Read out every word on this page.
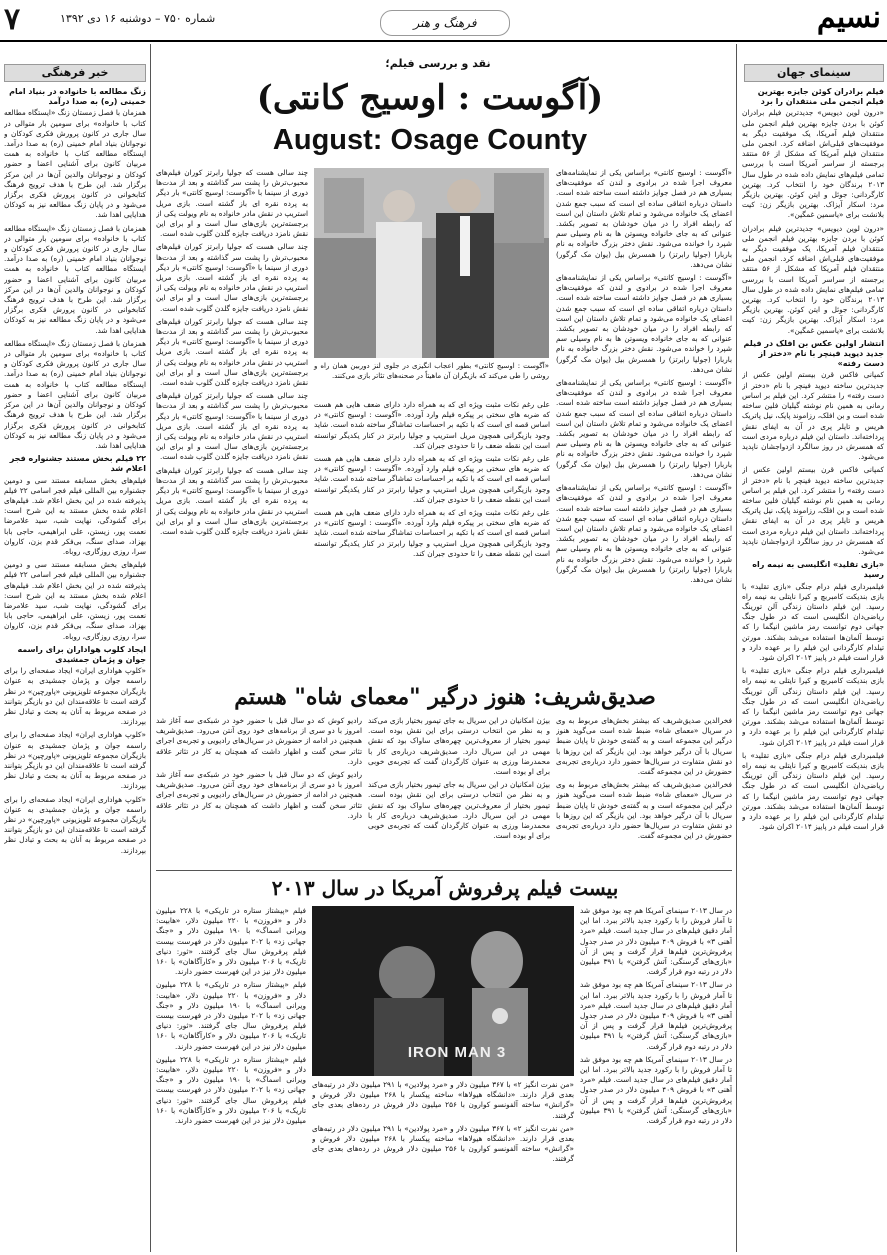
۷	شماره ۷۵۰ – دوشنبه ۱۶ دی ۱۳۹۲	فرهنگ و هنر	نسیم
خبر فرهنگی
زنگ مطالعه با خانواده در بنیاد امام خمینی (ره) به صدا درآمد

همزمان با فصل زمستان زنگ «ایستگاه مطالعه کتاب با خانواده» برای سومین بار متوالی در سال جاری در کانون پرورش فکری کودکان و نوجوانان بنیاد امام خمینی (ره) به صدا درآمد. ایستگاه مطالعه کتاب با خانواده به همت مربیان کانون برای آشنایی اعضا و حضور کودکان و نوجوانان والدین آن‌ها در این مرکز برگزار شد. این طرح با هدف ترویج فرهنگ کتابخوانی در کانون پرورش فکری برگزار می‌شود و در پایان زنگ مطالعه نیز به کودکان هدایایی اهدا شد.

همزمان با فصل زمستان زنگ «ایستگاه مطالعه کتاب با خانواده» برای سومین بار متوالی در سال جاری در کانون پرورش فکری کودکان و نوجوانان بنیاد امام خمینی (ره) به صدا درآمد. ایستگاه مطالعه کتاب با خانواده به همت مربیان کانون برای آشنایی اعضا و حضور کودکان و نوجوانان والدین آن‌ها در این مرکز برگزار شد. این طرح با هدف ترویج فرهنگ کتابخوانی در کانون پرورش فکری برگزار می‌شود و در پایان زنگ مطالعه نیز به کودکان هدایایی اهدا شد.

همزمان با فصل زمستان زنگ «ایستگاه مطالعه کتاب با خانواده» برای سومین بار متوالی در سال جاری در کانون پرورش فکری کودکان و نوجوانان بنیاد امام خمینی (ره) به صدا درآمد. ایستگاه مطالعه کتاب با خانواده به همت مربیان کانون برای آشنایی اعضا و حضور کودکان و نوجوانان والدین آن‌ها در این مرکز برگزار شد. این طرح با هدف ترویج فرهنگ کتابخوانی در کانون پرورش فکری برگزار می‌شود و در پایان زنگ مطالعه نیز به کودکان هدایایی اهدا شد.

۲۲ فیلم بخش مستند جشنواره فجر اعلام شد

فیلم‌های بخش مسابقه مستند سی و دومین جشنواره بین المللی فیلم فجر اسامی ۲۲ فیلم پذیرفته شده در این بخش اعلام شد. فیلم‌های اعلام شده بخش مستند به این شرح است: برای گشودگی، نهایت شب، سید علامرضا نعمت پور، زیستن، علی ابراهیمی، حاجی بابا بهزاد، صدای سنگ، بی‌فکر قدم بزن، کاروان سرا، روزی روزگاری، روباه.

فیلم‌های بخش مسابقه مستند سی و دومین جشنواره بین المللی فیلم فجر اسامی ۲۲ فیلم پذیرفته شده در این بخش اعلام شد. فیلم‌های اعلام شده بخش مستند به این شرح است: برای گشودگی، نهایت شب، سید علامرضا نعمت پور، زیستن، علی ابراهیمی، حاجی بابا بهزاد، صدای سنگ، بی‌فکر قدم بزن، کاروان سرا، روزی روزگاری، روباه.

ایجاد کلوب هواداران برای راسمه جوان و پژمان جمشیدی

«کلوپ هواداری ایران» ایجاد صفحه‌ای را برای راسمه جوان و پژمان جمشیدی به عنوان بازیگران مجموعه تلویزیونی «پاورچین» در نظر گرفته است تا علاقه‌مندان این دو بازیگر بتوانند در صفحه مربوط به آنان به بحث و تبادل نظر بپردازند.

«کلوپ هواداری ایران» ایجاد صفحه‌ای را برای راسمه جوان و پژمان جمشیدی به عنوان بازیگران مجموعه تلویزیونی «پاورچین» در نظر گرفته است تا علاقه‌مندان این دو بازیگر بتوانند در صفحه مربوط به آنان به بحث و تبادل نظر بپردازند.

«کلوپ هواداری ایران» ایجاد صفحه‌ای را برای راسمه جوان و پژمان جمشیدی به عنوان بازیگران مجموعه تلویزیونی «پاورچین» در نظر گرفته است تا علاقه‌مندان این دو بازیگر بتوانند در صفحه مربوط به آنان به بحث و تبادل نظر بپردازند.

سینمای جهان
فیلم برادران کوئن جایزه بهترین فیلم انجمن ملی منتقدان را برد

«درون لوین دیویس» جدیدترین فیلم برادران کوئن با بردن جایزه بهترین فیلم انجمن ملی منتقدان فیلم آمریکا، یک موفقیت دیگر به موفقیت‌های قبلی‌اش اضافه کرد. انجمن ملی منتقدان فیلم آمریکا که مشکل از ۵۶ منتقد برجسته از سراسر آمریکا است با بررسی تمامی فیلم‌های نمایش داده شده در طول سال ۲۰۱۳ برندگان خود را انتخاب کرد. بهترین کارگردانی: جوئل و ایتن کوئن. بهترین بازیگر مرد: اسکار آیزاک. بهترین بازیگر زن: کیت بلانشت برای «یاسمین غمگین».

«درون لوین دیویس» جدیدترین فیلم برادران کوئن با بردن جایزه بهترین فیلم انجمن ملی منتقدان فیلم آمریکا، یک موفقیت دیگر به موفقیت‌های قبلی‌اش اضافه کرد. انجمن ملی منتقدان فیلم آمریکا که مشکل از ۵۶ منتقد برجسته از سراسر آمریکا است با بررسی تمامی فیلم‌های نمایش داده شده در طول سال ۲۰۱۳ برندگان خود را انتخاب کرد. بهترین کارگردانی: جوئل و ایتن کوئن. بهترین بازیگر مرد: اسکار آیزاک. بهترین بازیگر زن: کیت بلانشت برای «یاسمین غمگین».

انتشار اولین عکس بن افلک در فیلم جدید دیوید فینچر با نام «دختر از دست رفته»

کمپانی فاکس قرن بیستم اولین عکس از جدیدترین ساخته دیوید فینچر با نام «دختر از دست رفته» را منتشر کرد. این فیلم بر اساس رمانی به همین نام نوشته گیلیان فلین ساخته شده است و بن افلک، رزاموند پایک، نیل پاتریک هریس و تایلر پری در آن به ایفای نقش پرداخته‌اند. داستان این فیلم درباره مردی است که همسرش در روز سالگرد ازدواجشان ناپدید می‌شود.

کمپانی فاکس قرن بیستم اولین عکس از جدیدترین ساخته دیوید فینچر با نام «دختر از دست رفته» را منتشر کرد. این فیلم بر اساس رمانی به همین نام نوشته گیلیان فلین ساخته شده است و بن افلک، رزاموند پایک، نیل پاتریک هریس و تایلر پری در آن به ایفای نقش پرداخته‌اند. داستان این فیلم درباره مردی است که همسرش در روز سالگرد ازدواجشان ناپدید می‌شود.

«بازی تقلید» انگلیسی به نیمه راه رسید

فیلمبرداری فیلم درام جنگی «بازی تقلید» با بازی بندیکت کامبربچ و کیرا نایتلی به نیمه راه رسید. این فیلم داستان زندگی آلن تورینگ ریاضی‌دان انگلیسی است که در طول جنگ جهانی دوم توانست رمز ماشین انیگما را که توسط آلمان‌ها استفاده می‌شد بشکند. مورتن تیلدام کارگردانی این فیلم را بر عهده دارد و قرار است فیلم در پاییز ۲۰۱۴ اکران شود.

فیلمبرداری فیلم درام جنگی «بازی تقلید» با بازی بندیکت کامبربچ و کیرا نایتلی به نیمه راه رسید. این فیلم داستان زندگی آلن تورینگ ریاضی‌دان انگلیسی است که در طول جنگ جهانی دوم توانست رمز ماشین انیگما را که توسط آلمان‌ها استفاده می‌شد بشکند. مورتن تیلدام کارگردانی این فیلم را بر عهده دارد و قرار است فیلم در پاییز ۲۰۱۴ اکران شود.

فیلمبرداری فیلم درام جنگی «بازی تقلید» با بازی بندیکت کامبربچ و کیرا نایتلی به نیمه راه رسید. این فیلم داستان زندگی آلن تورینگ ریاضی‌دان انگلیسی است که در طول جنگ جهانی دوم توانست رمز ماشین انیگما را که توسط آلمان‌ها استفاده می‌شد بشکند. مورتن تیلدام کارگردانی این فیلم را بر عهده دارد و قرار است فیلم در پاییز ۲۰۱۴ اکران شود.

نقد و بررسی فیلم؛
(آگوست : اوسیج کانتی)
August: Osage County
«آگوست : اوسیج کانتی» بطور اعجاب انگیزی در جلوی لنز دوربین همان راه و روشی را طی می‌کند که بازیگران آن ماهیتاً در صحنه‌های تئاتر بازی می‌کنند.

«آگوست : اوسیج کانتی» براساس یکی از نمایشنامه‌های معروف اجرا شده در برادوی و لندن که موفقیت‌های بسیاری هم در فصل جوایز داشته است ساخته شده است. داستان درباره اتفاقی ساده ای است که سبب جمع شدن اعضای یک خانواده می‌شود و تمام تلاش داستان این است که رابطه افراد را در میان خودشان به تصویر بکشد. عنوانی که به جای خانواده ویسوتن ها به نام وسیلی سم شپرد را خوانده می‌شود. نقش دختر بزرگ خانواده به نام باربارا (جولیا رابرتز) را همسرش بیل (یوان مک گرگور) نشان می‌دهد.

«آگوست : اوسیج کانتی» براساس یکی از نمایشنامه‌های معروف اجرا شده در برادوی و لندن که موفقیت‌های بسیاری هم در فصل جوایز داشته است ساخته شده است. داستان درباره اتفاقی ساده ای است که سبب جمع شدن اعضای یک خانواده می‌شود و تمام تلاش داستان این است که رابطه افراد را در میان خودشان به تصویر بکشد. عنوانی که به جای خانواده ویسوتن ها به نام وسیلی سم شپرد را خوانده می‌شود. نقش دختر بزرگ خانواده به نام باربارا (جولیا رابرتز) را همسرش بیل (یوان مک گرگور) نشان می‌دهد.

«آگوست : اوسیج کانتی» براساس یکی از نمایشنامه‌های معروف اجرا شده در برادوی و لندن که موفقیت‌های بسیاری هم در فصل جوایز داشته است ساخته شده است. داستان درباره اتفاقی ساده ای است که سبب جمع شدن اعضای یک خانواده می‌شود و تمام تلاش داستان این است که رابطه افراد را در میان خودشان به تصویر بکشد. عنوانی که به جای خانواده ویسوتن ها به نام وسیلی سم شپرد را خوانده می‌شود. نقش دختر بزرگ خانواده به نام باربارا (جولیا رابرتز) را همسرش بیل (یوان مک گرگور) نشان می‌دهد.

«آگوست : اوسیج کانتی» براساس یکی از نمایشنامه‌های معروف اجرا شده در برادوی و لندن که موفقیت‌های بسیاری هم در فصل جوایز داشته است ساخته شده است. داستان درباره اتفاقی ساده ای است که سبب جمع شدن اعضای یک خانواده می‌شود و تمام تلاش داستان این است که رابطه افراد را در میان خودشان به تصویر بکشد. عنوانی که به جای خانواده ویسوتن ها به نام وسیلی سم شپرد را خوانده می‌شود. نقش دختر بزرگ خانواده به نام باربارا (جولیا رابرتز) را همسرش بیل (یوان مک گرگور) نشان می‌دهد.

علی رغم نکات مثبت ویژه ای که به همراه دارد دارای ضعف هایی هم هست که ضربه های سختی بر پیکره فیلم وارد آورده. «آگوست : اوسیج کانتی» در اساس قصه ای است که با تکیه بر احساسات تماشاگر ساخته شده است. شاید وجود بازیگرانی همچون مریل استریپ و جولیا رابرتز در کنار یکدیگر توانسته است این نقطه ضعف را تا حدودی جبران کند.

علی رغم نکات مثبت ویژه ای که به همراه دارد دارای ضعف هایی هم هست که ضربه های سختی بر پیکره فیلم وارد آورده. «آگوست : اوسیج کانتی» در اساس قصه ای است که با تکیه بر احساسات تماشاگر ساخته شده است. شاید وجود بازیگرانی همچون مریل استریپ و جولیا رابرتز در کنار یکدیگر توانسته است این نقطه ضعف را تا حدودی جبران کند.

علی رغم نکات مثبت ویژه ای که به همراه دارد دارای ضعف هایی هم هست که ضربه های سختی بر پیکره فیلم وارد آورده. «آگوست : اوسیج کانتی» در اساس قصه ای است که با تکیه بر احساسات تماشاگر ساخته شده است. شاید وجود بازیگرانی همچون مریل استریپ و جولیا رابرتز در کنار یکدیگر توانسته است این نقطه ضعف را تا حدودی جبران کند.

چند سالی هست که جولیا رابرتز کوران فیلم‌های محبوب‌ترش را پشت سر گذاشته و بعد از مدت‌ها دوری از سینما با «آگوست: اوسیج کانتی» بار دیگر به پرده نقره ای باز گشته است. بازی مریل استریپ در نقش مادر خانواده به نام ویولت یکی از برجسته‌ترین بازی‌های سال است و او برای این نقش نامزد دریافت جایزه گلدن گلوب شده است.

چند سالی هست که جولیا رابرتز کوران فیلم‌های محبوب‌ترش را پشت سر گذاشته و بعد از مدت‌ها دوری از سینما با «آگوست: اوسیج کانتی» بار دیگر به پرده نقره ای باز گشته است. بازی مریل استریپ در نقش مادر خانواده به نام ویولت یکی از برجسته‌ترین بازی‌های سال است و او برای این نقش نامزد دریافت جایزه گلدن گلوب شده است.

چند سالی هست که جولیا رابرتز کوران فیلم‌های محبوب‌ترش را پشت سر گذاشته و بعد از مدت‌ها دوری از سینما با «آگوست: اوسیج کانتی» بار دیگر به پرده نقره ای باز گشته است. بازی مریل استریپ در نقش مادر خانواده به نام ویولت یکی از برجسته‌ترین بازی‌های سال است و او برای این نقش نامزد دریافت جایزه گلدن گلوب شده است.

چند سالی هست که جولیا رابرتز کوران فیلم‌های محبوب‌ترش را پشت سر گذاشته و بعد از مدت‌ها دوری از سینما با «آگوست: اوسیج کانتی» بار دیگر به پرده نقره ای باز گشته است. بازی مریل استریپ در نقش مادر خانواده به نام ویولت یکی از برجسته‌ترین بازی‌های سال است و او برای این نقش نامزد دریافت جایزه گلدن گلوب شده است.

چند سالی هست که جولیا رابرتز کوران فیلم‌های محبوب‌ترش را پشت سر گذاشته و بعد از مدت‌ها دوری از سینما با «آگوست: اوسیج کانتی» بار دیگر به پرده نقره ای باز گشته است. بازی مریل استریپ در نقش مادر خانواده به نام ویولت یکی از برجسته‌ترین بازی‌های سال است و او برای این نقش نامزد دریافت جایزه گلدن گلوب شده است.

صدیق‌شریف: هنوز درگیر "معمای شاه" هستم

فخرالدین صدیق‌شریف که بیشتر بخش‌های مربوط به وی در سریال «معمای شاه» ضبط شده است می‌گوید هنوز درگیر این مجموعه است و به گفته‌ی خودش تا پایان ضبط سریال با آن درگیر خواهد بود. این بازیگر که این روزها با دو نقش متفاوت در سریال‌ها حضور دارد درباره‌ی تجربه‌ی حضورش در این مجموعه گفت.

فخرالدین صدیق‌شریف که بیشتر بخش‌های مربوط به وی در سریال «معمای شاه» ضبط شده است می‌گوید هنوز درگیر این مجموعه است و به گفته‌ی خودش تا پایان ضبط سریال با آن درگیر خواهد بود. این بازیگر که این روزها با دو نقش متفاوت در سریال‌ها حضور دارد درباره‌ی تجربه‌ی حضورش در این مجموعه گفت.

بیژن امکانیان در این سریال به جای تیمور بختیار بازی می‌کند و به نظر من انتخاب درستی برای این نقش بوده است. تیمور بختیار از معروف‌ترین چهره‌های ساواک بود که نقش مهمی در این سریال دارد. صدیق‌شریف درباره‌ی کار با محمدرضا ورزی به عنوان کارگردان گفت که تجربه‌ی خوبی برای او بوده است.

بیژن امکانیان در این سریال به جای تیمور بختیار بازی می‌کند و به نظر من انتخاب درستی برای این نقش بوده است. تیمور بختیار از معروف‌ترین چهره‌های ساواک بود که نقش مهمی در این سریال دارد. صدیق‌شریف درباره‌ی کار با محمدرضا ورزی به عنوان کارگردان گفت که تجربه‌ی خوبی برای او بوده است.

رادیو کوش که دو سال قبل با حضور خود در شبکه‌ی سه آغاز شد امروز با دو سری از برنامه‌های خود روی آنتن می‌رود. صدیق‌شریف همچنین در ادامه از حضورش در سریال‌های رادیویی و تجربه‌ی اجرای تئاتر سخن گفت و اظهار داشت که همچنان به کار در تئاتر علاقه دارد.

رادیو کوش که دو سال قبل با حضور خود در شبکه‌ی سه آغاز شد امروز با دو سری از برنامه‌های خود روی آنتن می‌رود. صدیق‌شریف همچنین در ادامه از حضورش در سریال‌های رادیویی و تجربه‌ی اجرای تئاتر سخن گفت و اظهار داشت که همچنان به کار در تئاتر علاقه دارد.

بیست فیلم پرفروش آمریکا در سال ۲۰۱۳
IRON MAN 3

در سال ۲۰۱۳ سینمای آمریکا هم چه بود موفق شد تا آمار فروش را با رکورد جدید بالاتر ببرد. اما این آمار دقیق فیلم‌های در سال جدید است. فیلم «مرد آهنی ۳» با فروش ۴۰۹ میلیون دلار در صدر جدول پرفروش‌ترین فیلم‌ها قرار گرفت و پس از آن «بازی‌های گرسنگی: آتش گرفتن» با ۳۹۱ میلیون دلار در رتبه دوم قرار گرفت.

در سال ۲۰۱۳ سینمای آمریکا هم چه بود موفق شد تا آمار فروش را با رکورد جدید بالاتر ببرد. اما این آمار دقیق فیلم‌های در سال جدید است. فیلم «مرد آهنی ۳» با فروش ۴۰۹ میلیون دلار در صدر جدول پرفروش‌ترین فیلم‌ها قرار گرفت و پس از آن «بازی‌های گرسنگی: آتش گرفتن» با ۳۹۱ میلیون دلار در رتبه دوم قرار گرفت.

در سال ۲۰۱۳ سینمای آمریکا هم چه بود موفق شد تا آمار فروش را با رکورد جدید بالاتر ببرد. اما این آمار دقیق فیلم‌های در سال جدید است. فیلم «مرد آهنی ۳» با فروش ۴۰۹ میلیون دلار در صدر جدول پرفروش‌ترین فیلم‌ها قرار گرفت و پس از آن «بازی‌های گرسنگی: آتش گرفتن» با ۳۹۱ میلیون دلار در رتبه دوم قرار گرفت.

«من نفرت انگیز ۲» با ۳۶۷ میلیون دلار و «مرد پولادین» با ۲۹۱ میلیون دلار در رتبه‌های بعدی قرار دارند. «دانشگاه هیولاها» ساخته پیکسار با ۲۶۸ میلیون دلار فروش و «گرانش» ساخته آلفونسو کوارون با ۲۵۶ میلیون دلار فروش در رده‌های بعدی جای گرفتند.

«من نفرت انگیز ۲» با ۳۶۷ میلیون دلار و «مرد پولادین» با ۲۹۱ میلیون دلار در رتبه‌های بعدی قرار دارند. «دانشگاه هیولاها» ساخته پیکسار با ۲۶۸ میلیون دلار فروش و «گرانش» ساخته آلفونسو کوارون با ۲۵۶ میلیون دلار فروش در رده‌های بعدی جای گرفتند.

فیلم «پیشتاز ستاره در تاریکی» با ۲۲۸ میلیون دلار و «فروزن» با ۲۲۰ میلیون دلار، «هابیت: ویرانی اسماگ» با ۱۹۰ میلیون دلار و «جنگ جهانی زد» با ۲۰۲ میلیون دلار در فهرست بیست فیلم پرفروش سال جای گرفتند. «ثور: دنیای تاریک» با ۲۰۶ میلیون دلار و «کارآگاهان» با ۱۶۰ میلیون دلار نیز در این فهرست حضور دارند.

فیلم «پیشتاز ستاره در تاریکی» با ۲۲۸ میلیون دلار و «فروزن» با ۲۲۰ میلیون دلار، «هابیت: ویرانی اسماگ» با ۱۹۰ میلیون دلار و «جنگ جهانی زد» با ۲۰۲ میلیون دلار در فهرست بیست فیلم پرفروش سال جای گرفتند. «ثور: دنیای تاریک» با ۲۰۶ میلیون دلار و «کارآگاهان» با ۱۶۰ میلیون دلار نیز در این فهرست حضور دارند.

فیلم «پیشتاز ستاره در تاریکی» با ۲۲۸ میلیون دلار و «فروزن» با ۲۲۰ میلیون دلار، «هابیت: ویرانی اسماگ» با ۱۹۰ میلیون دلار و «جنگ جهانی زد» با ۲۰۲ میلیون دلار در فهرست بیست فیلم پرفروش سال جای گرفتند. «ثور: دنیای تاریک» با ۲۰۶ میلیون دلار و «کارآگاهان» با ۱۶۰ میلیون دلار نیز در این فهرست حضور دارند.
